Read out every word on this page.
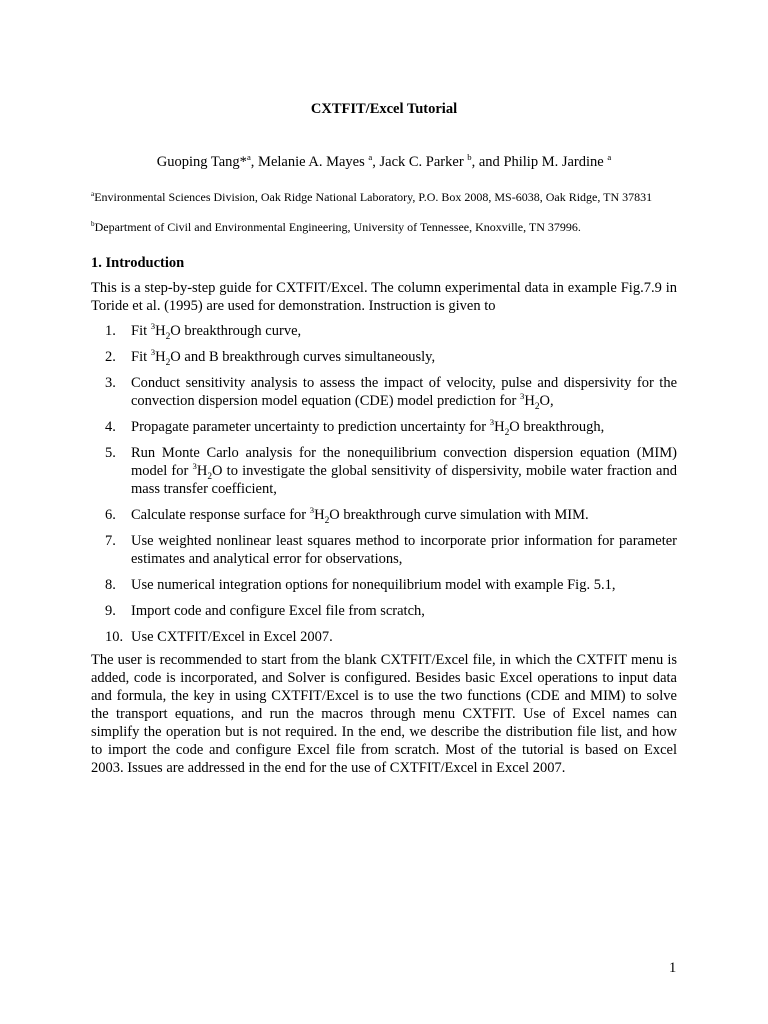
CXTFIT/Excel Tutorial
Guoping Tang*$^a$, Melanie A. Mayes $^a$, Jack C. Parker $^b$, and Philip M. Jardine $^a$
$^a$Environmental Sciences Division, Oak Ridge National Laboratory, P.O. Box 2008, MS-6038, Oak Ridge, TN 37831
$^b$Department of Civil and Environmental Engineering, University of Tennessee, Knoxville, TN 37996.
1. Introduction
This is a step-by-step guide for CXTFIT/Excel. The column experimental data in example Fig.7.9 in Toride et al. (1995) are used for demonstration. Instruction is given to
1.	Fit $^3H_2O$ breakthrough curve,
2.	Fit $^3H_2O$ and B breakthrough curves simultaneously,
3.	Conduct sensitivity analysis to assess the impact of velocity, pulse and dispersivity for the convection dispersion model equation (CDE) model prediction for $^3H_2O$,
4.	Propagate parameter uncertainty to prediction uncertainty for $^3H_2O$ breakthrough,
5.	Run Monte Carlo analysis for the nonequilibrium convection dispersion equation (MIM) model for $^3H_2O$ to investigate the global sensitivity of dispersivity, mobile water fraction and mass transfer coefficient,
6.	Calculate response surface for $^3H_2O$ breakthrough curve simulation with MIM.
7.	Use weighted nonlinear least squares method to incorporate prior information for parameter estimates and analytical error for observations,
8.	Use numerical integration options for nonequilibrium model with example Fig. 5.1,
9.	Import code and configure Excel file from scratch,
10. Use CXTFIT/Excel in Excel 2007.
The user is recommended to start from the blank CXTFIT/Excel file, in which the CXTFIT menu is added, code is incorporated, and Solver is configured. Besides basic Excel operations to input data and formula, the key in using CXTFIT/Excel is to use the two functions (CDE and MIM) to solve the transport equations, and run the macros through menu CXTFIT. Use of Excel names can simplify the operation but is not required. In the end, we describe the distribution file list, and how to import the code and configure Excel file from scratch. Most of the tutorial is based on Excel 2003. Issues are addressed in the end for the use of CXTFIT/Excel in Excel 2007.
1
